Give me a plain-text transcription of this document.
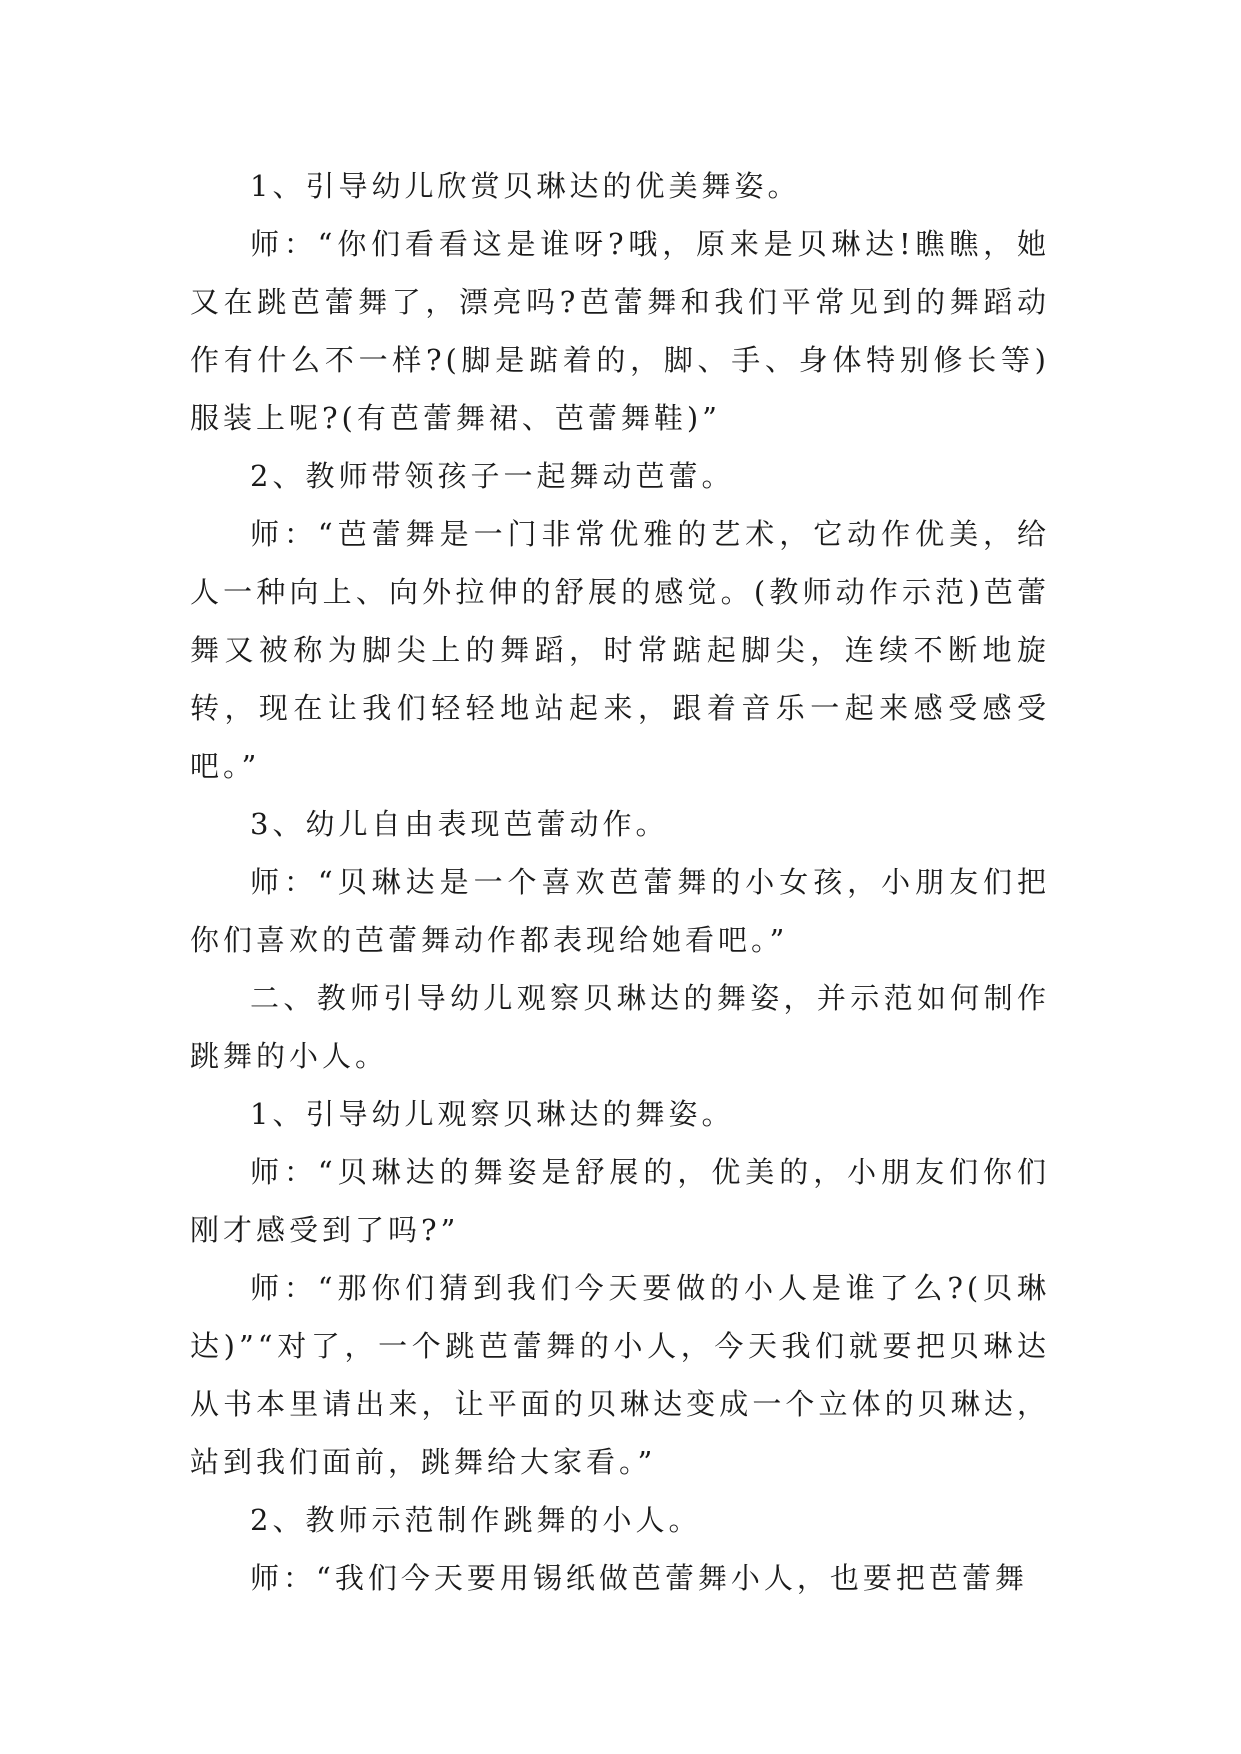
1、引导幼儿欣赏贝琳达的优美舞姿。

师：“你们看看这是谁呀?哦，原来是贝琳达!瞧瞧，她又在跳芭蕾舞了，漂亮吗?芭蕾舞和我们平常见到的舞蹈动作有什么不一样?(脚是踮着的，脚、手、身体特别修长等)服装上呢?(有芭蕾舞裙、芭蕾舞鞋)”

2、教师带领孩子一起舞动芭蕾。

师：“芭蕾舞是一门非常优雅的艺术，它动作优美，给人一种向上、向外拉伸的舒展的感觉。(教师动作示范)芭蕾舞又被称为脚尖上的舞蹈，时常踮起脚尖，连续不断地旋转，现在让我们轻轻地站起来，跟着音乐一起来感受感受吧。”

3、幼儿自由表现芭蕾动作。

师：“贝琳达是一个喜欢芭蕾舞的小女孩，小朋友们把你们喜欢的芭蕾舞动作都表现给她看吧。”

二、教师引导幼儿观察贝琳达的舞姿，并示范如何制作跳舞的小人。

1、引导幼儿观察贝琳达的舞姿。

师：“贝琳达的舞姿是舒展的，优美的，小朋友们你们刚才感受到了吗?”

师：“那你们猜到我们今天要做的小人是谁了么?(贝琳达)”“对了，一个跳芭蕾舞的小人，今天我们就要把贝琳达从书本里请出来，让平面的贝琳达变成一个立体的贝琳达，站到我们面前，跳舞给大家看。”

2、教师示范制作跳舞的小人。

师：“我们今天要用锡纸做芭蕾舞小人，也要把芭蕾舞
